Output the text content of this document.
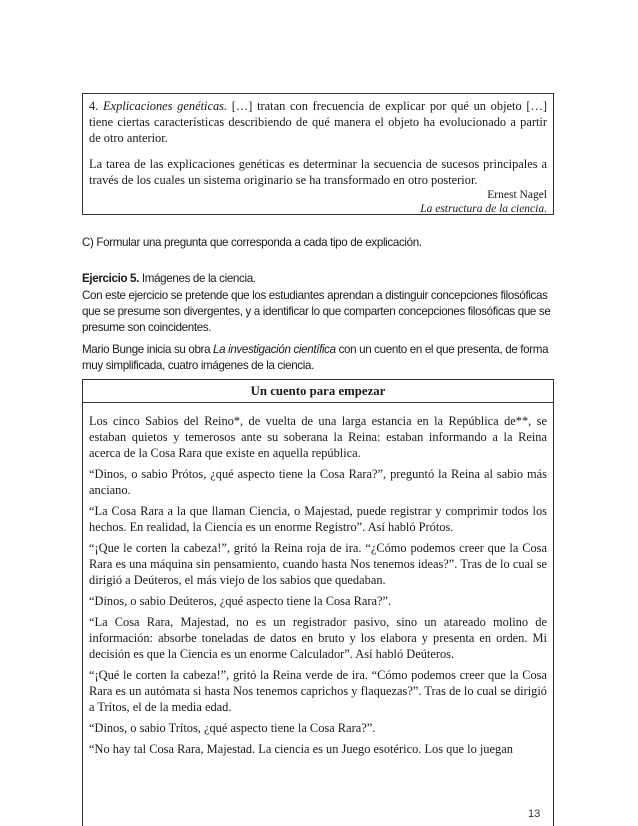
4. Explicaciones genéticas. […] tratan con frecuencia de explicar por qué un objeto […] tiene ciertas características describiendo de qué manera el objeto ha evolucionado a partir de otro anterior.

La tarea de las explicaciones genéticas es determinar la secuencia de sucesos principales a través de los cuales un sistema originario se ha transformado en otro posterior.

Ernest Nagel

La estructura de la ciencia.

C) Formular una pregunta que corresponda a cada tipo de explicación.

Ejercicio 5. Imágenes de la ciencia.

Con este ejercicio se pretende que los estudiantes aprendan a distinguir concepciones filosóficas que se presume son divergentes, y a identificar lo que comparten concepciones filosóficas que se presume son coincidentes.

Mario Bunge inicia su obra La investigación científica con un cuento en el que presenta, de forma muy simplificada, cuatro imágenes de la ciencia.

Un cuento para empezar

Los cinco Sabios del Reino*, de vuelta de una larga estancia en la República de**, se estaban quietos y temerosos ante su soberana la Reina: estaban informando a la Reina acerca de la Cosa Rara que existe en aquella república.

“Dinos, o sabio Prótos, ¿qué aspecto tiene la Cosa Rara?”, preguntó la Reina al sabio más anciano.

“La Cosa Rara a la que llaman Ciencia, o Majestad, puede registrar y comprimir todos los hechos. En realidad, la Ciencia es un enorme Registro”. Así habló Prótos.

“¡Que le corten la cabeza!”, gritó la Reina roja de ira. “¿Cómo podemos creer que la Cosa Rara es una máquina sin pensamiento, cuando hasta Nos tenemos ideas?”. Tras de lo cual se dirigió a Deúteros, el más viejo de los sabios que quedaban.

“Dinos, o sabio Deúteros, ¿qué aspecto tiene la Cosa Rara?”.

“La Cosa Rara, Majestad, no es un registrador pasivo, sino un atareado molino de información: absorbe toneladas de datos en bruto y los elabora y presenta en orden. Mi decisión es que la Ciencia es un enorme Calculador”. Así habló Deúteros.

“¡Qué le corten la cabeza!”, gritó la Reina verde de ira. “Cómo podemos creer que la Cosa Rara es un autómata si hasta Nos tenemos caprichos y flaquezas?”. Tras de lo cual se dirigió a Trítos, el de la media edad.

“Dinos, o sabio Trítos, ¿qué aspecto tiene la Cosa Rara?”.

“No hay tal Cosa Rara, Majestad. La ciencia es un Juego esotérico. Los que lo juegan

13
